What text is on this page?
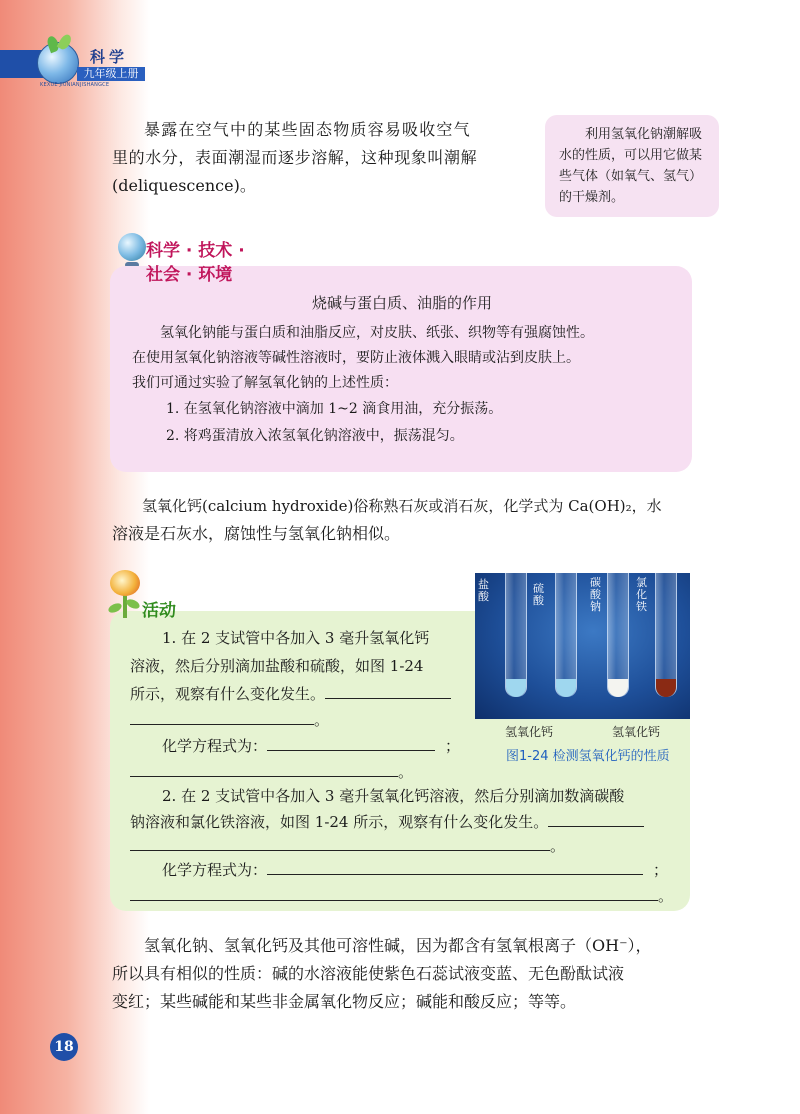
科学
九年级上册
KEXUE JIUNIANJISHANGCE
暴露在空气中的某些固态物质容易吸收空气
里的水分，表面潮湿而逐步溶解，这种现象叫潮解
(deliquescence)。
利用氢氧化钠潮解吸水的性质，可以用它做某些气体（如氧气、氢气）的干燥剂。
烧碱与蛋白质、油脂的作用
氢氧化钠能与蛋白质和油脂反应，对皮肤、纸张、织物等有强腐蚀性。
在使用氢氧化钠溶液等碱性溶液时，要防止液体溅入眼睛或沾到皮肤上。
我们可通过实验了解氢氧化钠的上述性质：
1. 在氢氧化钠溶液中滴加 1~2 滴食用油，充分振荡。
2. 将鸡蛋清放入浓氢氧化钠溶液中，振荡混匀。
科学 · 技术 ·
社会 · 环境
氢氧化钙(calcium hydroxide)俗称熟石灰或消石灰，化学式为 Ca(OH)₂，水
溶液是石灰水，腐蚀性与氢氧化钠相似。
活动
1. 在 2 支试管中各加入 3 毫升氢氧化钙
溶液，然后分别滴加盐酸和硫酸，如图 1-24
所示，观察有什么变化发生。
。
化学方程式为：	；
。
2. 在 2 支试管中各加入 3 毫升氢氧化钙溶液，然后分别滴加数滴碳酸
钠溶液和氯化铁溶液，如图 1-24 所示，观察有什么变化发生。
。
化学方程式为：	；
。
盐酸
硫酸
碳酸钠
氯化铁
氢氧化钙	氢氧化钙
图1-24 检测氢氧化钙的性质
氢氧化钠、氢氧化钙及其他可溶性碱，因为都含有氢氧根离子（OH⁻），
所以具有相似的性质：碱的水溶液能使紫色石蕊试液变蓝、无色酚酞试液
变红；某些碱能和某些非金属氧化物反应；碱能和酸反应；等等。
18
